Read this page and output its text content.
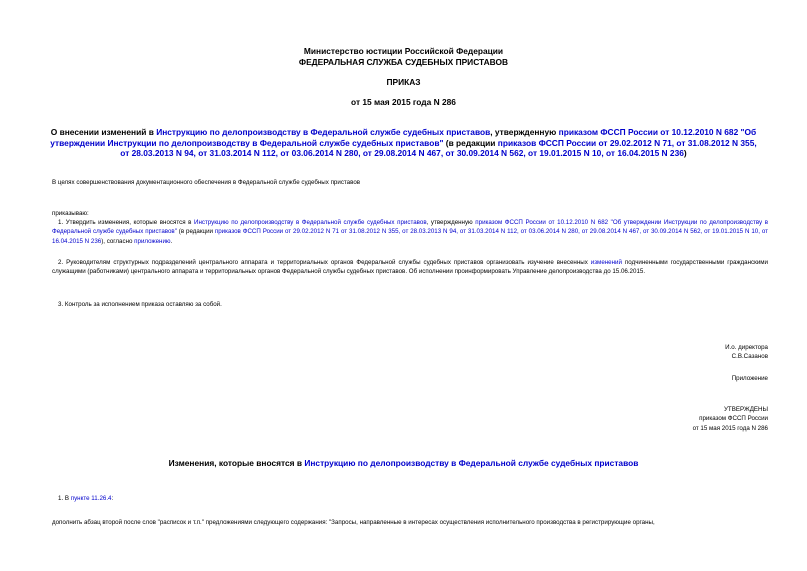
Министерство юстиции Российской Федерации
ФЕДЕРАЛЬНАЯ СЛУЖБА СУДЕБНЫХ ПРИСТАВОВ
ПРИКАЗ
от 15 мая 2015 года N 286
О внесении изменений в Инструкцию по делопроизводству в Федеральной службе судебных приставов, утвержденную приказом ФССП России от 10.12.2010 N 682 "Об утверждении Инструкции по делопроизводству в Федеральной службе судебных приставов" (в редакции приказов ФССП России от 29.02.2012 N 71, от 31.08.2012 N 355, от 28.03.2013 N 94, от 31.03.2014 N 112, от 03.06.2014 N 280, от 29.08.2014 N 467, от 30.09.2014 N 562, от 19.01.2015 N 10, от 16.04.2015 N 236)
В целях совершенствования документационного обеспечения в Федеральной службе судебных приставов
приказываю:
1. Утвердить изменения, которые вносятся в Инструкцию по делопроизводству в Федеральной службе судебных приставов, утвержденную приказом ФССП России от 10.12.2010 N 682 "Об утверждении Инструкции по делопроизводству в Федеральной службе судебных приставов" (в редакции приказов ФССП России от 29.02.2012 N 71 от 31.08.2012 N 355, от 28.03.2013 N 94, от 31.03.2014 N 112, от 03.06.2014 N 280, от 29.08.2014 N 467, от 30.09.2014 N 562, от 19.01.2015 N 10, от 16.04.2015 N 236), согласно приложению.
2. Руководителям структурных подразделений центрального аппарата и территориальных органов Федеральной службы судебных приставов организовать изучение внесенных изменений подчиненными государственными гражданскими служащими (работниками) центрального аппарата и территориальных органов Федеральной службы судебных приставов. Об исполнении проинформировать Управление делопроизводства до 15.06.2015.
3. Контроль за исполнением приказа оставляю за собой.
И.о. директора
С.В.Сазанов
Приложение
УТВЕРЖДЕНЫ
приказом ФССП России
от 15 мая 2015 года N 286
Изменения, которые вносятся в Инструкцию по делопроизводству в Федеральной службе судебных приставов
1. В пункте 11.26.4:
дополнить абзац второй после слов "расписок и т.п." предложениями следующего содержания: "Запросы, направленные в интересах осуществления исполнительного производства в регистрирующие органы,
